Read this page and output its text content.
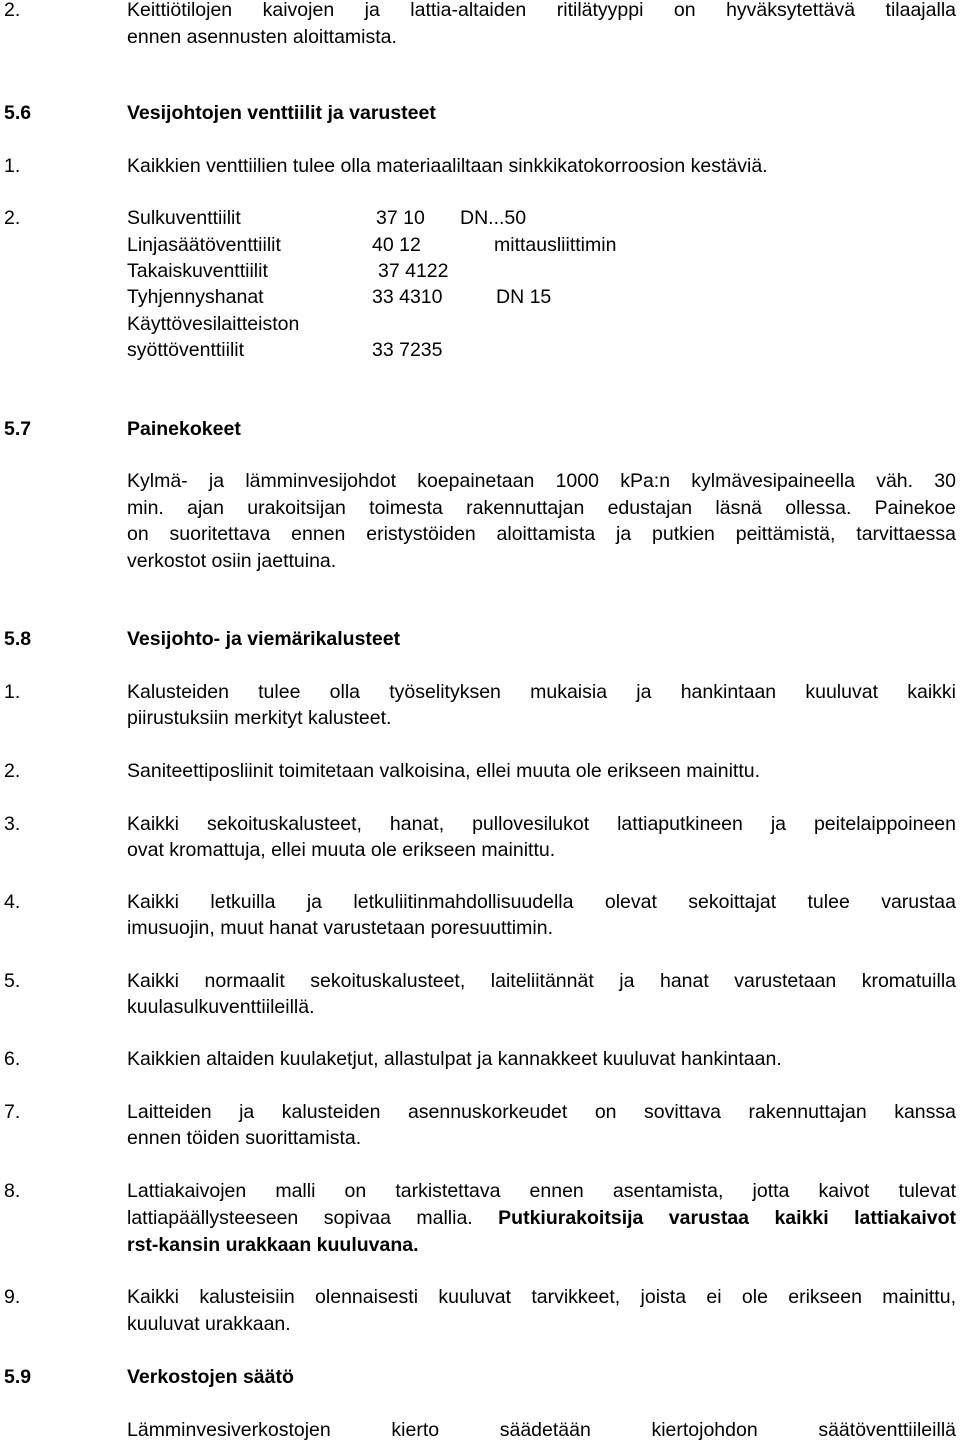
2.	Keittiötilojen kaivojen ja lattia-altaiden ritilätyyppi on hyväksytettävä tilaajalla
ennen asennusten aloittamista.
5.6	Vesijohtojen venttiilit ja varusteet
1.	Kaikkien venttiilien tulee olla materiaaliltaan sinkkikatokorroosion kestäviä.
2.	Sulkuventtiilit	37 10 DN...50
Linjasäätöventtiilit	40 12	mittausliittimin
Takaiskuventtiilit	37 4122
Tyhjennyshanat	33 4310	DN 15
Käyttövesilaitteiston
syöttöventtiilit	33 7235
5.7	Painekokeet
Kylmä- ja lämminvesijohdot koepainetaan 1000 kPa:n kylmävesipaineella väh. 30
min. ajan urakoitsijan toimesta rakennuttajan edustajan läsnä ollessa. Painekoe
on suoritettava ennen eristystöiden aloittamista ja putkien peittämistä, tarvittaessa
verkostot osiin jaettuina.
5.8	Vesijohto- ja viemärikalusteet
1.	Kalusteiden tulee olla työselityksen mukaisia ja hankintaan kuuluvat kaikki
piirustuksiin merkityt kalusteet.
2.	Saniteettiposliinit toimitetaan valkoisina, ellei muuta ole erikseen mainittu.
3.	Kaikki sekoituskalusteet, hanat, pullovesilukot lattiaputkineen ja peitelaippoineen
ovat kromattuja, ellei muuta ole erikseen mainittu.
4.	Kaikki letkuilla ja letkuliitinmahdollisuudella olevat sekoittajat tulee varustaa
imusuojin, muut hanat varustetaan poresuuttimin.
5.	Kaikki normaalit sekoituskalusteet, laiteliitännät ja hanat varustetaan kromatuilla
kuulasulkuventtiileillä.
6.	Kaikkien altaiden kuulaketjut, allastulpat ja kannakkeet kuuluvat hankintaan.
7.	Laitteiden ja kalusteiden asennuskorkeudet on sovittava rakennuttajan kanssa
ennen töiden suorittamista.
8.	Lattiakaivojen malli on tarkistettava ennen asentamista, jotta kaivot tulevat
lattiapäällysteeseen sopivaa mallia. Putkiurakoitsija varustaa kaikki lattiakaivot
rst-kansin urakkaan kuuluvana.
9.	Kaikki kalusteisiin olennaisesti kuuluvat tarvikkeet, joista ei ole erikseen mainittu,
kuuluvat urakkaan.
5.9	Verkostojen säätö
Lämminvesiverkostojen kierto säädetään kiertojohdon säätöventtiileillä
